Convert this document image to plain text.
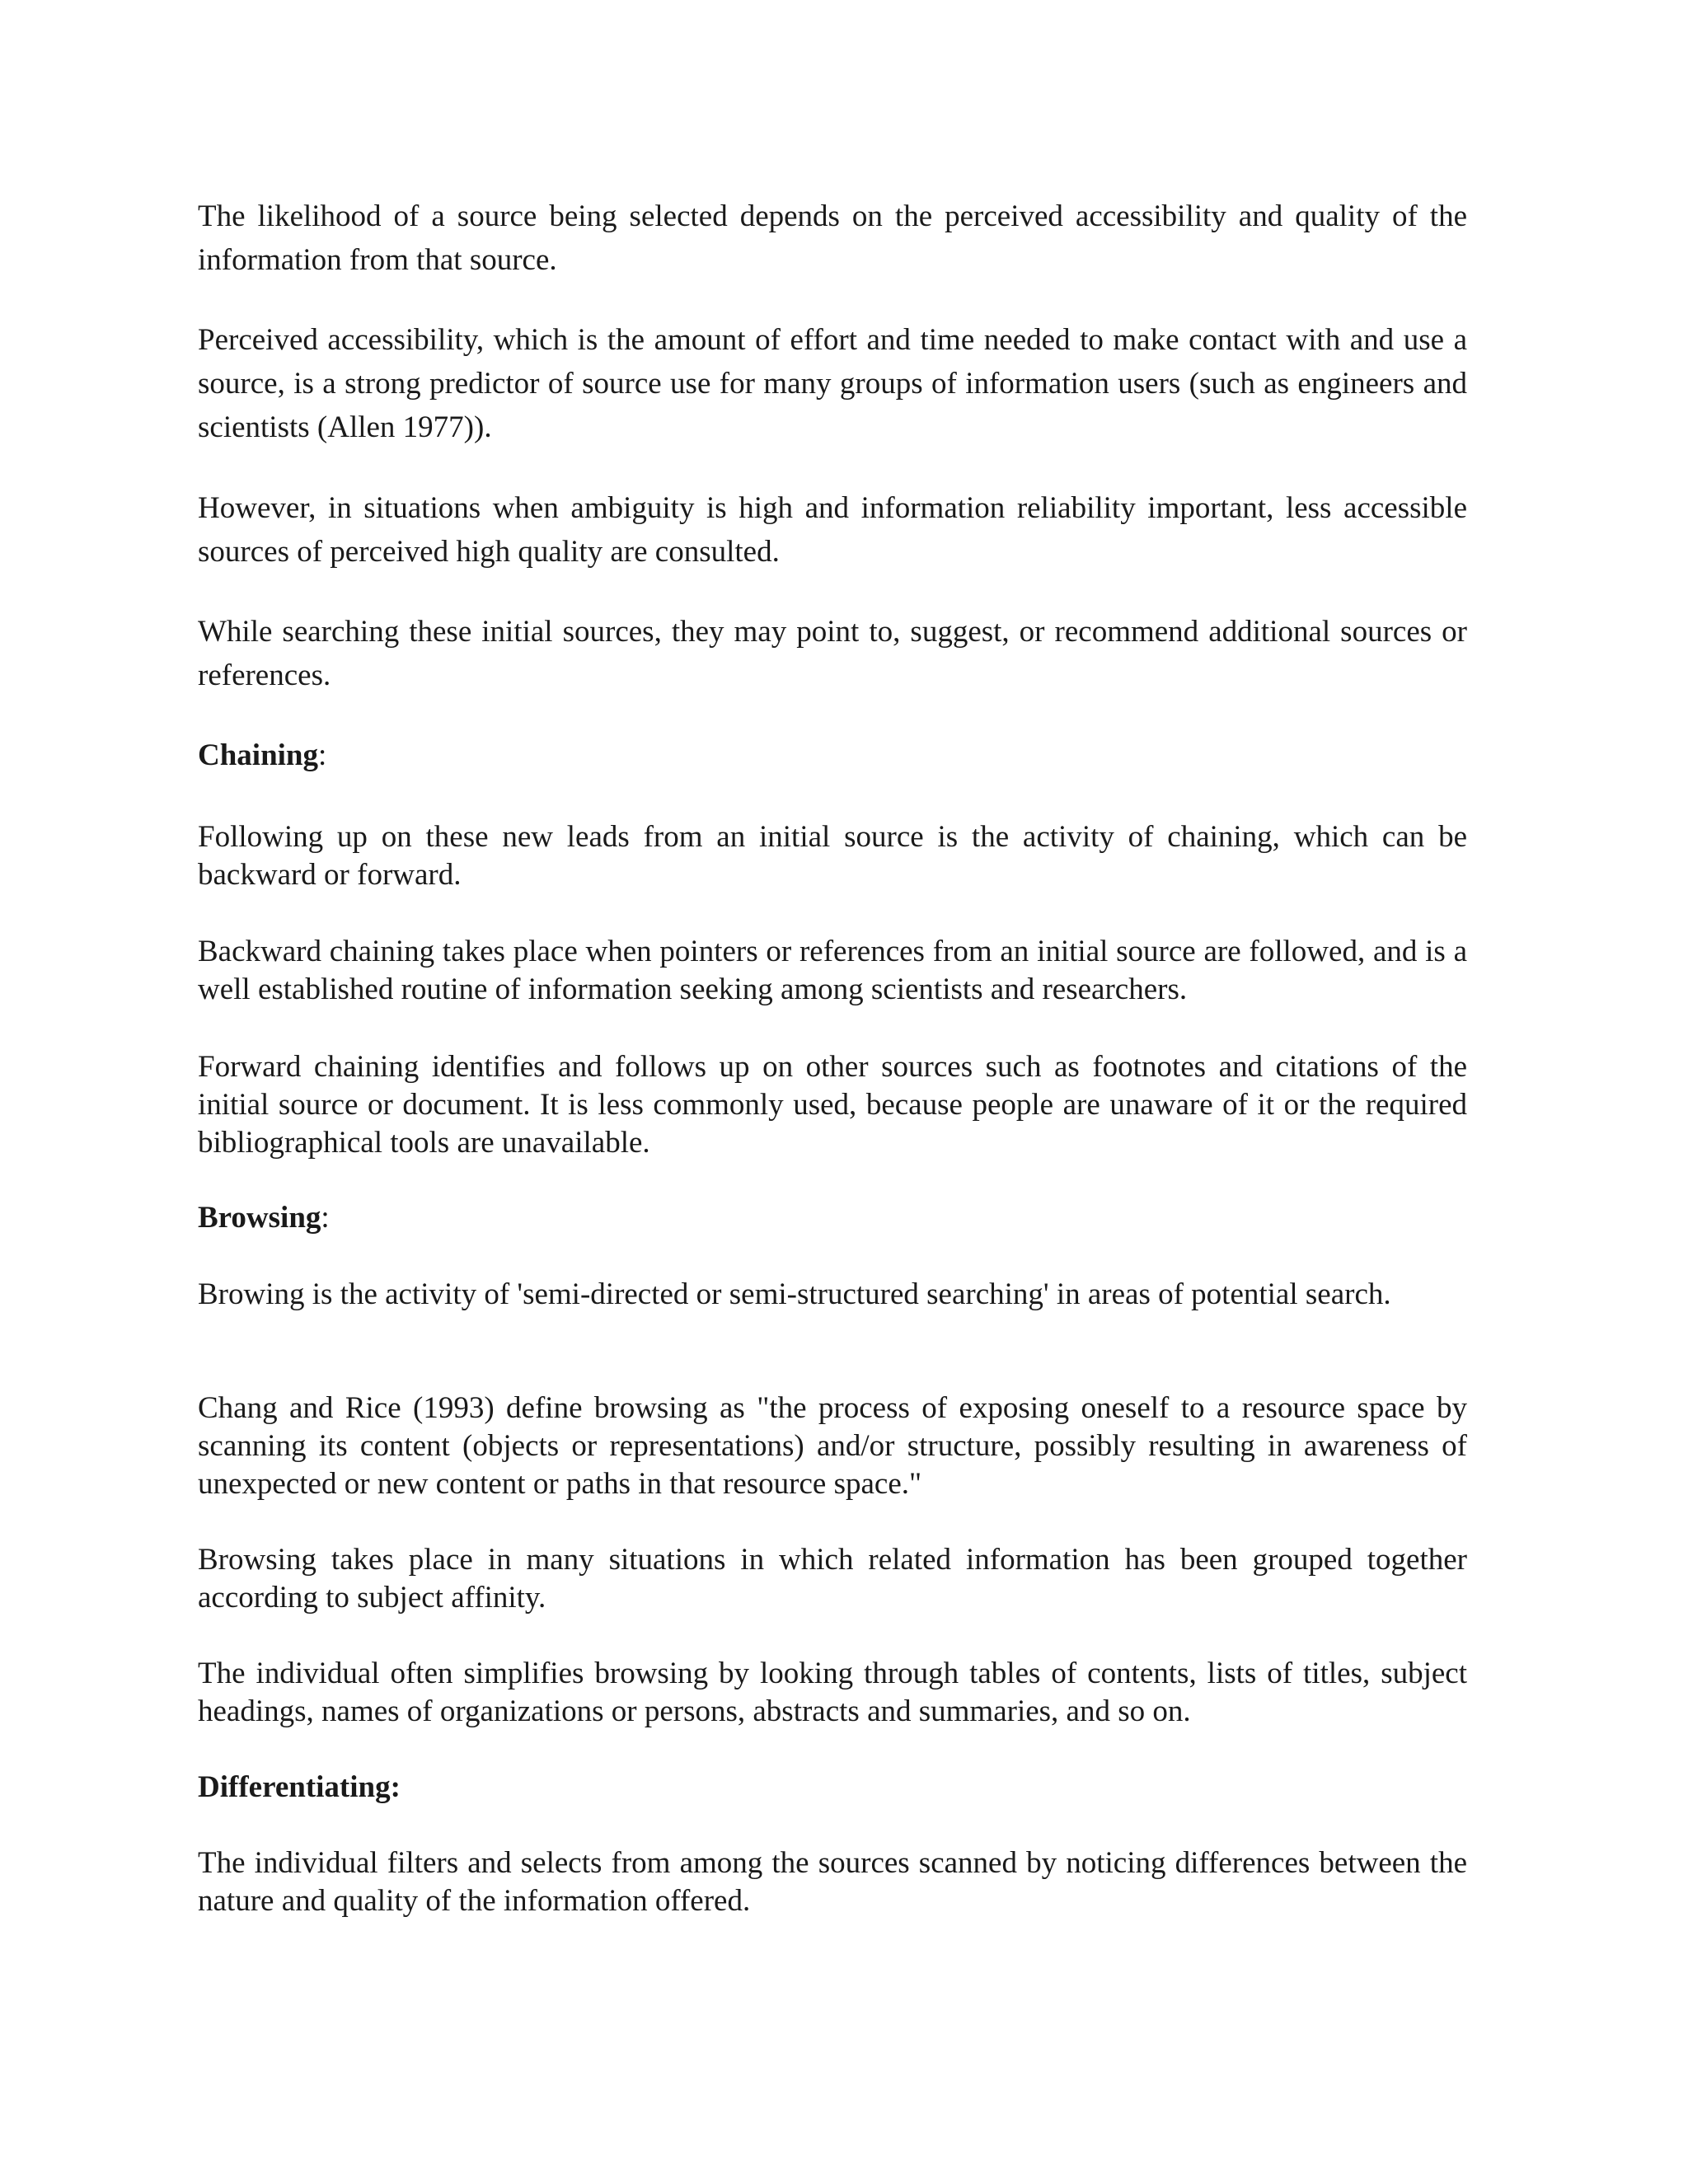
The likelihood of a source being selected depends on the perceived accessibility and quality of the information from that source.

Perceived accessibility, which is the amount of effort and time needed to make contact with and use a source, is a strong predictor of source use for many groups of information users (such as engineers and scientists (Allen 1977)).

However, in situations when ambiguity is high and information reliability important, less accessible sources of perceived high quality are consulted.

While searching these initial sources, they may point to, suggest, or recommend additional sources or references.

Chaining:

Following up on these new leads from an initial source is the activity of chaining, which can be backward or forward.

Backward chaining takes place when pointers or references from an initial source are followed, and is a well established routine of information seeking among scientists and researchers.

Forward chaining identifies and follows up on other sources such as footnotes and citations of the initial source or document. It is less commonly used, because people are unaware of it or the required bibliographical tools are unavailable.

Browsing:

Browing is the activity of 'semi-directed or semi-structured searching' in areas of potential search.

Chang and Rice (1993) define browsing as "the process of exposing oneself to a resource space by scanning its content (objects or representations) and/or structure, possibly resulting in awareness of unexpected or new content or paths in that resource space."

Browsing takes place in many situations in which related information has been grouped together according to subject affinity.

The individual often simplifies browsing by looking through tables of contents, lists of titles, subject headings, names of organizations or persons, abstracts and summaries, and so on.

Differentiating:

The individual filters and selects from among the sources scanned by noticing differences between the nature and quality of the information offered.
